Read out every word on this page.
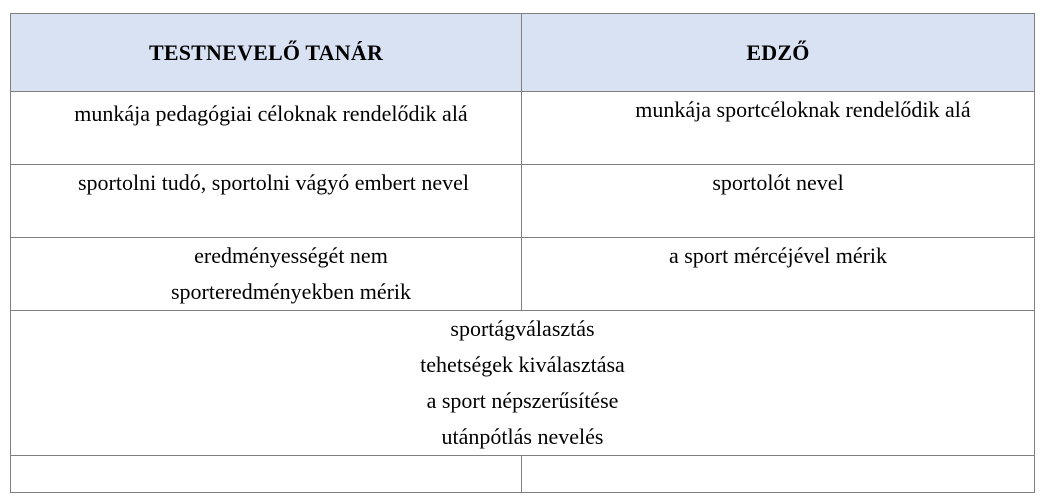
TESTNEVELŐ TANÁR	EDZŐ

munkája pedagógiai céloknak rendelődik alá	munkája sportcéloknak rendelődik alá

sportolni tudó, sportolni vágyó embert nevel	sportolót nevel

eredményességét nem sporteredményekben mérik	a sport mércéjével mérik

sportágválasztás
tehetségek kiválasztása
a sport népszerűsítése
utánpótlás nevelés	
